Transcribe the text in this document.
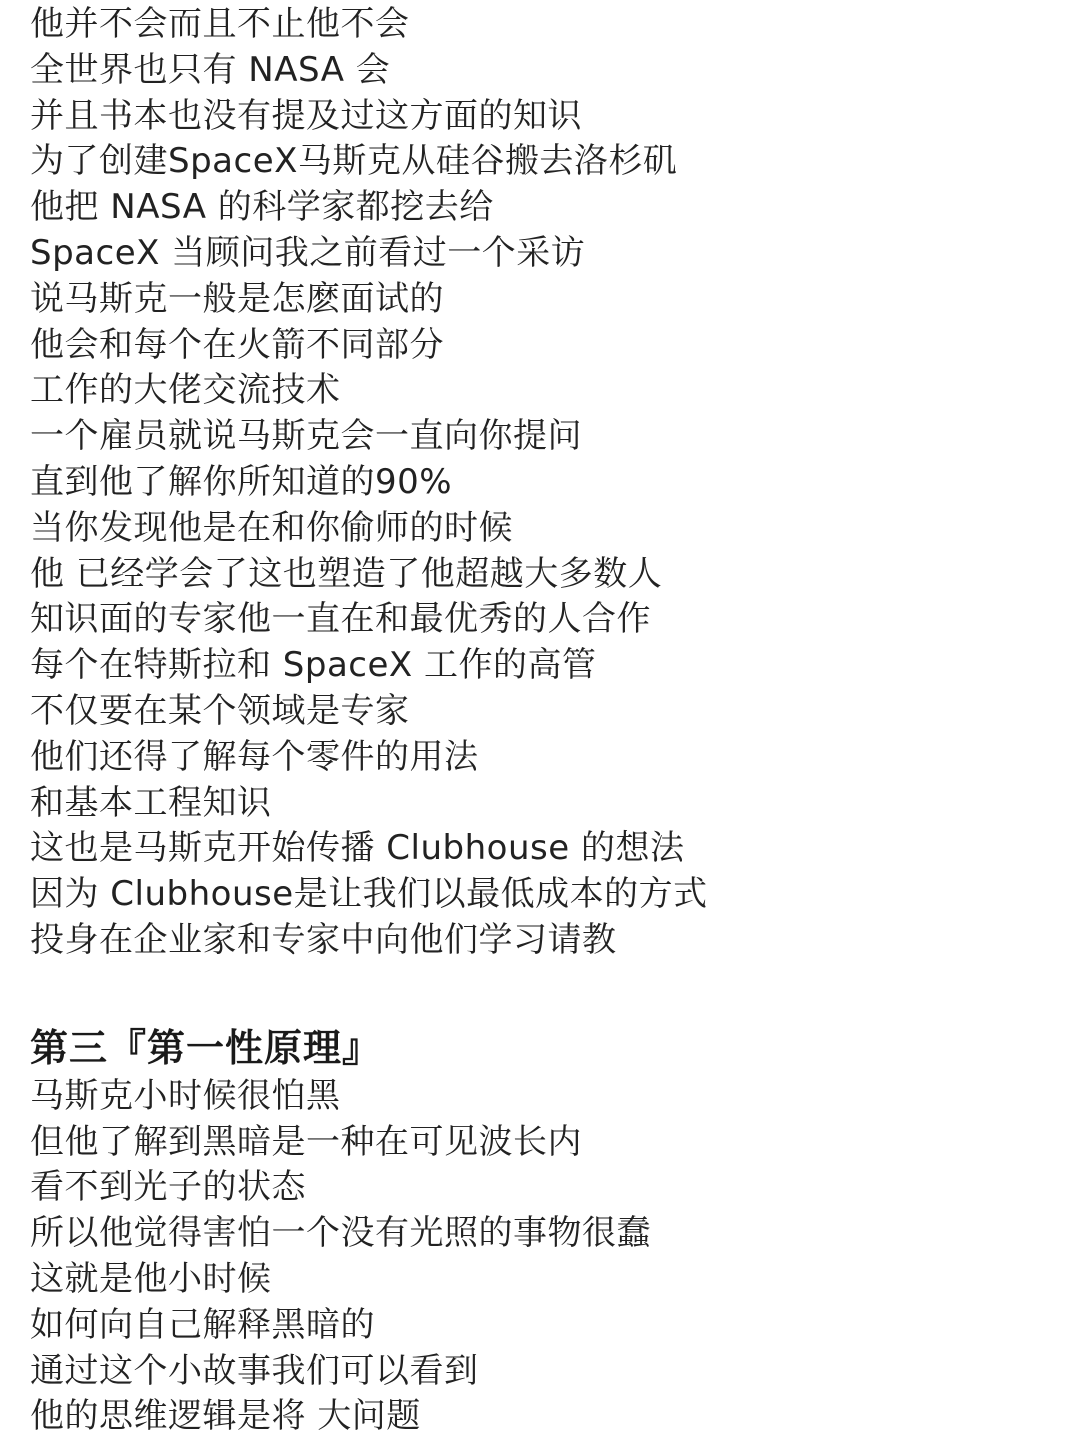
他并不会而且不止他不会
全世界也只有 NASA 会
并且书本也没有提及过这方面的知识
为了创建SpaceX马斯克从硅谷搬去洛杉矶
他把 NASA 的科学家都挖去给
SpaceX 当顾问我之前看过一个采访
说马斯克一般是怎麽面试的
他会和每个在火箭不同部分
工作的大佬交流技术
一个雇员就说马斯克会一直向你提问
直到他了解你所知道的90%
当你发现他是在和你偷师的时候
他 已经学会了这也塑造了他超越大多数人
知识面的专家他一直在和最优秀的人合作
每个在特斯拉和 SpaceX 工作的高管
不仅要在某个领域是专家
他们还得了解每个零件的用法
和基本工程知识
这也是马斯克开始传播 Clubhouse 的想法
因为 Clubhouse是让我们以最低成本的方式
投身在企业家和专家中向他们学习请教
第三『第一性原理』
马斯克小时候很怕黑
但他了解到黑暗是一种在可见波长内
看不到光子的状态
所以他觉得害怕一个没有光照的事物很蠢
这就是他小时候
如何向自己解释黑暗的
通过这个小故事我们可以看到
他的思维逻辑是将 大问题
